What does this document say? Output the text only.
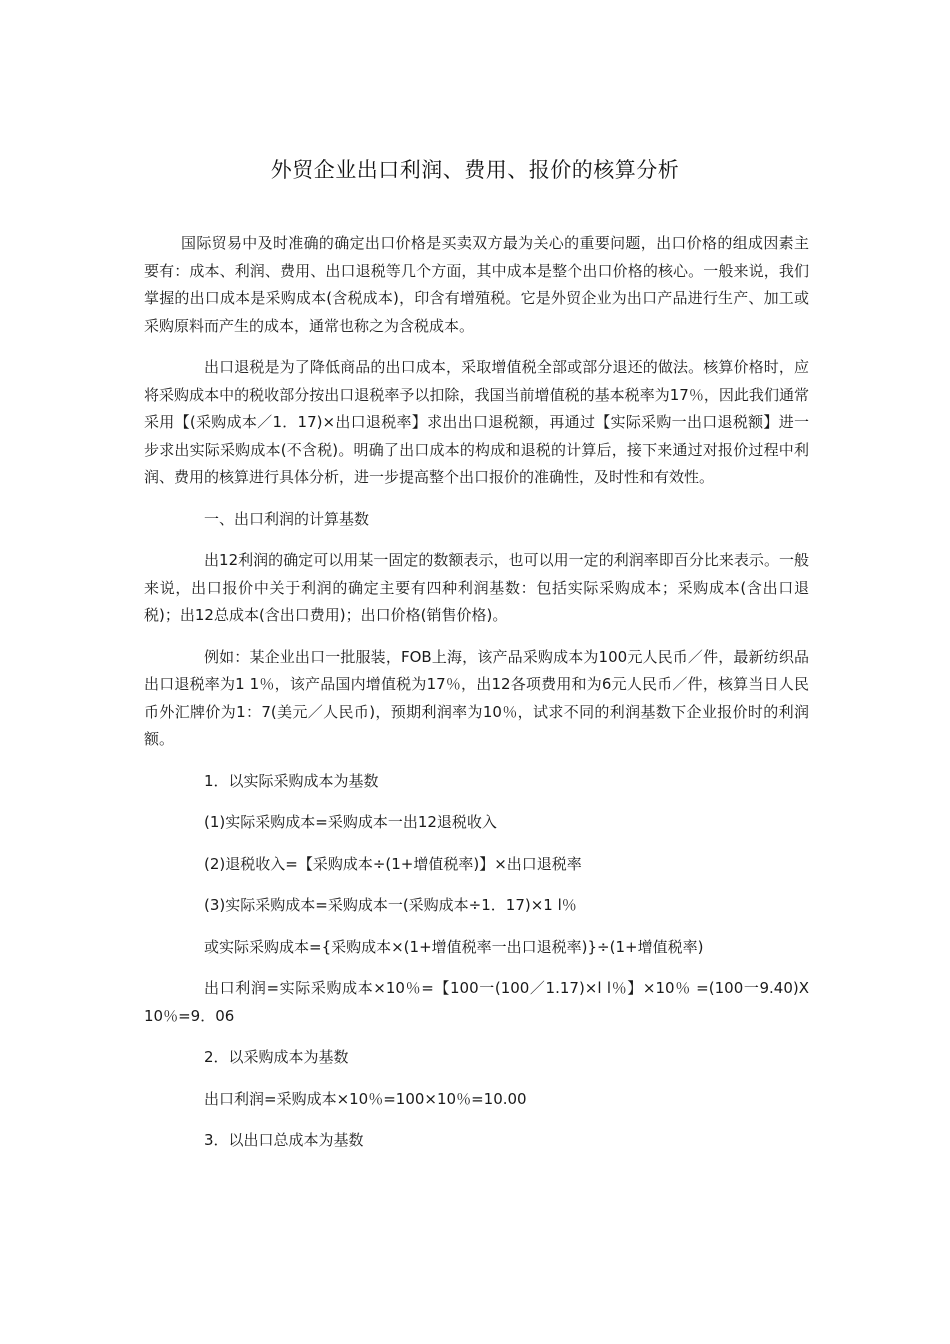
外贸企业出口利润、费用、报价的核算分析

国际贸易中及时准确的确定出口价格是买卖双方最为关心的重要问题，出口价格的组成因素主要有：成本、利润、费用、出口退税等几个方面，其中成本是整个出口价格的核心。一般来说，我们掌握的出口成本是采购成本(含税成本)，印含有增殖税。它是外贸企业为出口产品进行生产、加工或采购原料而产生的成本，通常也称之为含税成本。

出口退税是为了降低商品的出口成本，采取增值税全部或部分退还的做法。核算价格时，应将采购成本中的税收部分按出口退税率予以扣除，我国当前增值税的基本税率为17％，因此我们通常采用【(采购成本／1．17)×出口退税率】求出出口退税额，再通过【实际采购一出口退税额】进一步求出实际采购成本(不含税)。明确了出口成本的构成和退税的计算后，接下来通过对报价过程中利润、费用的核算进行具体分析，进一步提高整个出口报价的准确性，及时性和有效性。

一、出口利润的计算基数

出12利润的确定可以用某一固定的数额表示，也可以用一定的利润率即百分比来表示。一般来说，出口报价中关于利润的确定主要有四种利润基数：包括实际采购成本；采购成本(含出口退税)；出12总成本(含出口费用)；出口价格(销售价格)。

例如：某企业出口一批服装，FOB上海，该产品采购成本为100元人民币／件，最新纺织品出口退税率为1 1％，该产品国内增值税为17％，出12各项费用和为6元人民币／件，核算当日人民币外汇牌价为1：7(美元／人民币)，预期利润率为10％，试求不同的利润基数下企业报价时的利润额。

1．以实际采购成本为基数

(1)实际采购成本=采购成本一出12退税收入

(2)退税收入=【采购成本÷(1+增值税率)】×出口退税率

(3)实际采购成本=采购成本一(采购成本÷1．17)×1 l％

或实际采购成本={采购成本×(1+增值税率一出口退税率)}÷(1+增值税率)

出口利润=实际采购成本×10％=【100一(100／1.17)×l l％】×10％ =(100一9.40)X 10％=9．06

2．以采购成本为基数

出口利润=采购成本×10％=100×10％=10.00

3．以出口总成本为基数
